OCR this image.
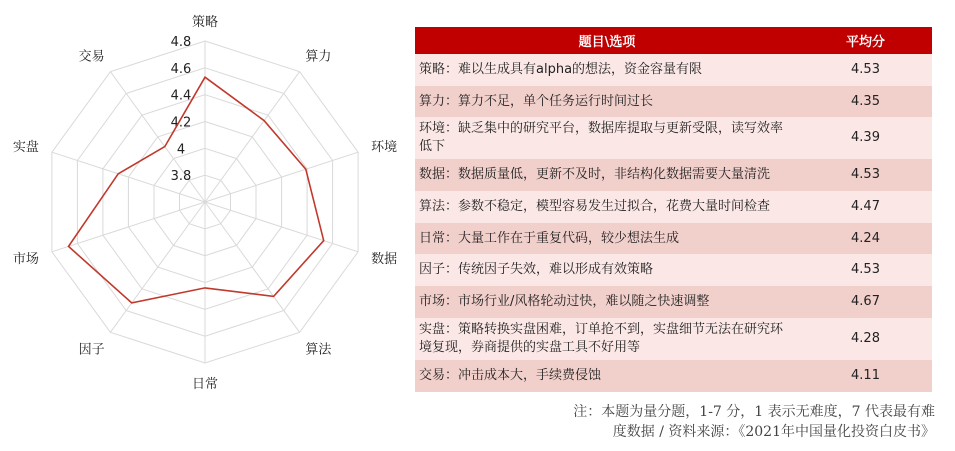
3.8
4
4.2
4.4
4.6
4.8
策略
算力
环境
数据
算法
日常
因子
市场
实盘
交易
题目\选项	平均分
策略：难以生成具有alpha的想法，资金容量有限	4.53
算力：算力不足，单个任务运行时间过长	4.35
环境：缺乏集中的研究平台，数据库提取与更新受限，读写效率低下	4.39
数据：数据质量低，更新不及时，非结构化数据需要大量清洗	4.53
算法：参数不稳定，模型容易发生过拟合，花费大量时间检查	4.47
日常：大量工作在于重复代码，较少想法生成	4.24
因子：传统因子失效，难以形成有效策略	4.53
市场：市场行业/风格轮动过快，难以随之快速调整	4.67
实盘：策略转换实盘困难，订单抢不到，实盘细节无法在研究环境复现，券商提供的实盘工具不好用等	4.28
交易：冲击成本大，手续费侵蚀	4.11
注：本题为量分题，1-7 分，1 表示无难度，7 代表最有难
度数据 / 资料来源：《2021年中国量化投资白皮书》
